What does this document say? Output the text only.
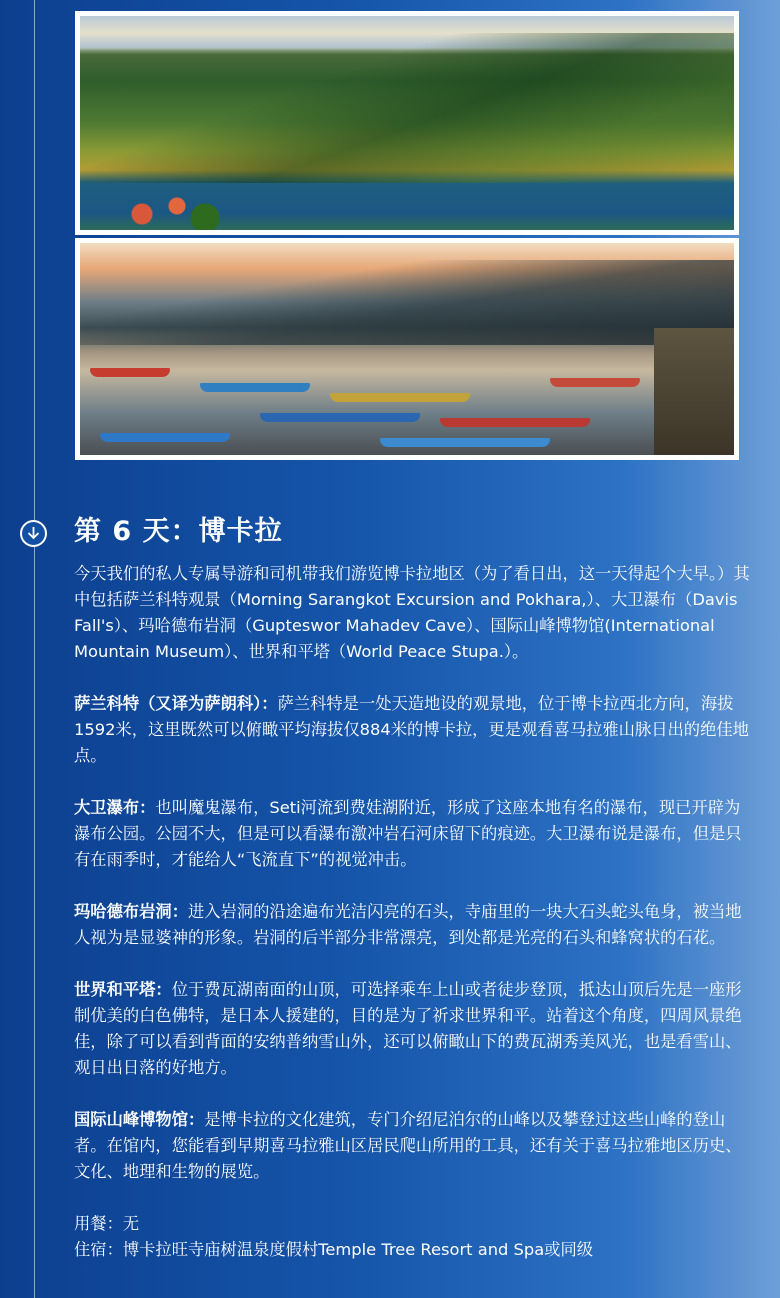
第 6 天：博卡拉

今天我们的私人专属导游和司机带我们游览博卡拉地区（为了看日出，这一天得起个大早。）其中包括萨兰科特观景（Morning Sarangkot Excursion and Pokhara,）、大卫瀑布（Davis Fall's）、玛哈德布岩洞（Gupteswor Mahadev Cave）、国际山峰博物馆(International Mountain Museum）、世界和平塔（World Peace Stupa.）。

萨兰科特（又译为萨朗科）：萨兰科特是一处天造地设的观景地，位于博卡拉西北方向，海拔1592米，这里既然可以俯瞰平均海拔仅884米的博卡拉，更是观看喜马拉雅山脉日出的绝佳地点。

大卫瀑布：也叫魔鬼瀑布，Seti河流到费娃湖附近，形成了这座本地有名的瀑布，现已开辟为瀑布公园。公园不大，但是可以看瀑布激冲岩石河床留下的痕迹。大卫瀑布说是瀑布，但是只有在雨季时，才能给人“飞流直下”的视觉冲击。

玛哈德布岩洞：进入岩洞的沿途遍布光洁闪亮的石头，寺庙里的一块大石头蛇头龟身，被当地人视为是显婆神的形象。岩洞的后半部分非常漂亮，到处都是光亮的石头和蜂窝状的石花。

世界和平塔：位于费瓦湖南面的山顶，可选择乘车上山或者徒步登顶，抵达山顶后先是一座形制优美的白色佛特，是日本人援建的，目的是为了祈求世界和平。站着这个角度，四周风景绝佳，除了可以看到背面的安纳普纳雪山外，还可以俯瞰山下的费瓦湖秀美风光，也是看雪山、观日出日落的好地方。

国际山峰博物馆：是博卡拉的文化建筑，专门介绍尼泊尔的山峰以及攀登过这些山峰的登山者。在馆内，您能看到早期喜马拉雅山区居民爬山所用的工具，还有关于喜马拉雅地区历史、文化、地理和生物的展览。

用餐：无

住宿：博卡拉旺寺庙树温泉度假村Temple Tree Resort and Spa或同级
